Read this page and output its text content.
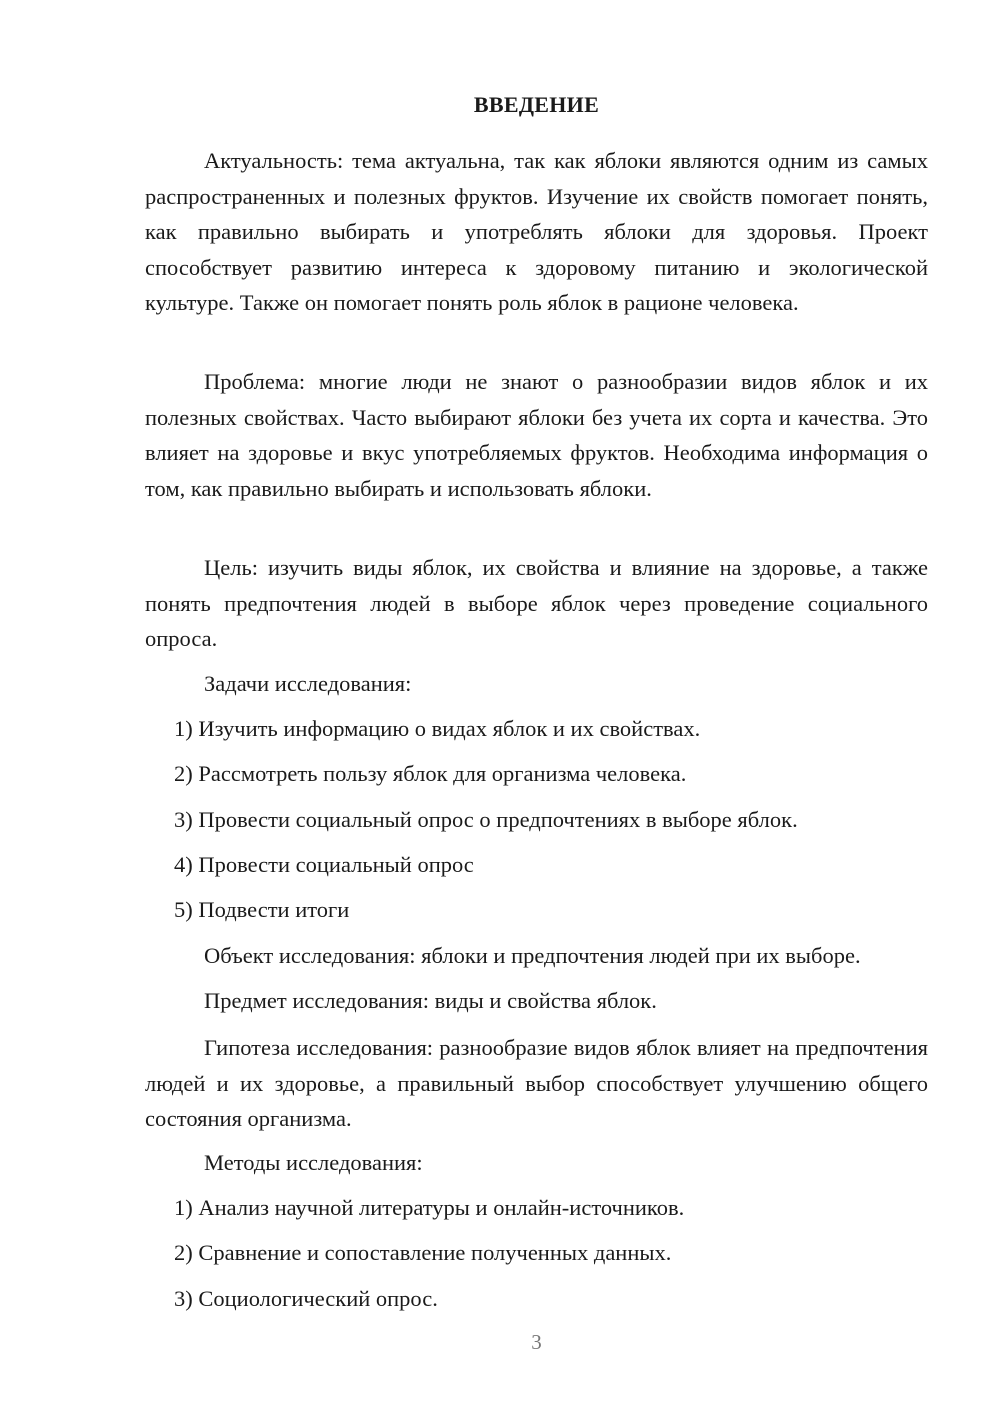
ВВЕДЕНИЕ

Актуальность: тема актуальна, так как яблоки являются одним из самых распространенных и полезных фруктов. Изучение их свойств помогает понять, как правильно выбирать и употреблять яблоки для здоровья. Проект способствует развитию интереса к здоровому питанию и экологической культуре. Также он помогает понять роль яблок в рационе человека.

Проблема: многие люди не знают о разнообразии видов яблок и их полезных свойствах. Часто выбирают яблоки без учета их сорта и качества. Это влияет на здоровье и вкус употребляемых фруктов. Необходима информация о том, как правильно выбирать и использовать яблоки.

Цель: изучить виды яблок, их свойства и влияние на здоровье, а также понять предпочтения людей в выборе яблок через проведение социального опроса.

Задачи исследования:

1) Изучить информацию о видах яблок и их свойствах.

2) Рассмотреть пользу яблок для организма человека.

3) Провести социальный опрос о предпочтениях в выборе яблок.

4) Провести социальный опрос

5) Подвести итоги

Объект исследования: яблоки и предпочтения людей при их выборе.

Предмет исследования: виды и свойства яблок.

Гипотеза исследования: разнообразие видов яблок влияет на предпочтения людей и их здоровье, а правильный выбор способствует улучшению общего состояния организма.

Методы исследования:

1) Анализ научной литературы и онлайн-источников.

2) Сравнение и сопоставление полученных данных.

3) Социологический опрос.

3
